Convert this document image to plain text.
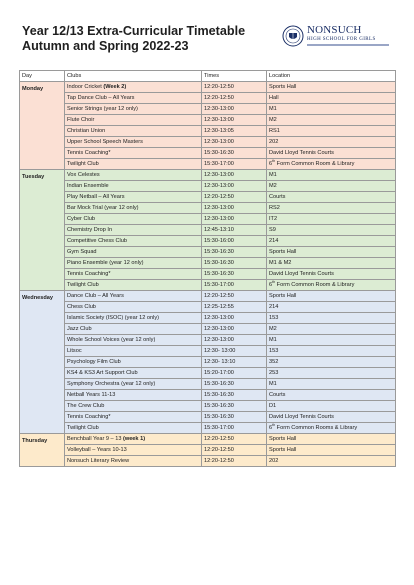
Year 12/13 Extra-Curricular Timetable
Autumn and Spring 2022-23
NONSUCH
HIGH SCHOOL FOR GIRLS
Day	Clubs	Times	Location
Monday	Indoor Cricket (Week 2)	12:20-12:50	Sports Hall
	Tap Dance Club – All Years	12:20-12:50	Hall
	Senior Strings (year 12 only)	12:30-13:00	M1
	Flute Choir	12:30-13:00	M2
	Christian Union	12:30-13:05	RS1
	Upper School Speech Masters	12:30-13:00	202
	Tennis Coaching*	15:30-16:30	David Lloyd Tennis Courts
	Twilight Club	15:30-17:00	6th Form Common Room & Library
Tuesday	Vox Celestes	12:30-13:00	M1
	Indian Ensemble	12:30-13:00	M2
	Play Netball – All Years	12:20-12:50	Courts
	Bar Mock Trial (year 12 only)	12:30-13:00	RS2
	Cyber Club	12:30-13:00	IT2
	Chemistry Drop In	12:45-13:10	S9
	Competitive Chess Club	15:30-16:00	214
	Gym Squad	15:30-16:30	Sports Hall
	Piano Ensemble (year 12 only)	15:30-16:30	M1 & M2
	Tennis Coaching*	15:30-16:30	David Lloyd Tennis Courts
	Twilight Club	15:30-17:00	6th Form Common Room & Library
Wednesday	Dance Club – All Years	12:20-12:50	Sports Hall
	Chess Club	12:25-12:55	214
	Islamic Society (ISOC) (year 12 only)	12:30-13:00	153
	Jazz Club	12:30-13:00	M2
	Whole School Voices (year 12 only)	12:30-13:00	M1
	Litsoc	12:30- 13:00	153
	Psychology Film Club	12:30- 13:10	352
	KS4 & KS3 Art Support Club	15:20-17:00	253
	Symphony Orchestra (year 12 only)	15:30-16:30	M1
	Netball Years 11-13	15:30-16:30	Courts
	The Crew Club	15:30-16:30	D1
	Tennis Coaching*	15:30-16:30	David Lloyd Tennis Courts
	Twilight Club	15:30-17:00	6th Form Common Rooms & Library
Thursday	Benchball Year 9 – 13 (week 1)	12:20-12:50	Sports Hall
	Volleyball – Years 10-13	12:20-12:50	Sports Hall
	Nonsuch Literary Review	12:20-12:50	202
